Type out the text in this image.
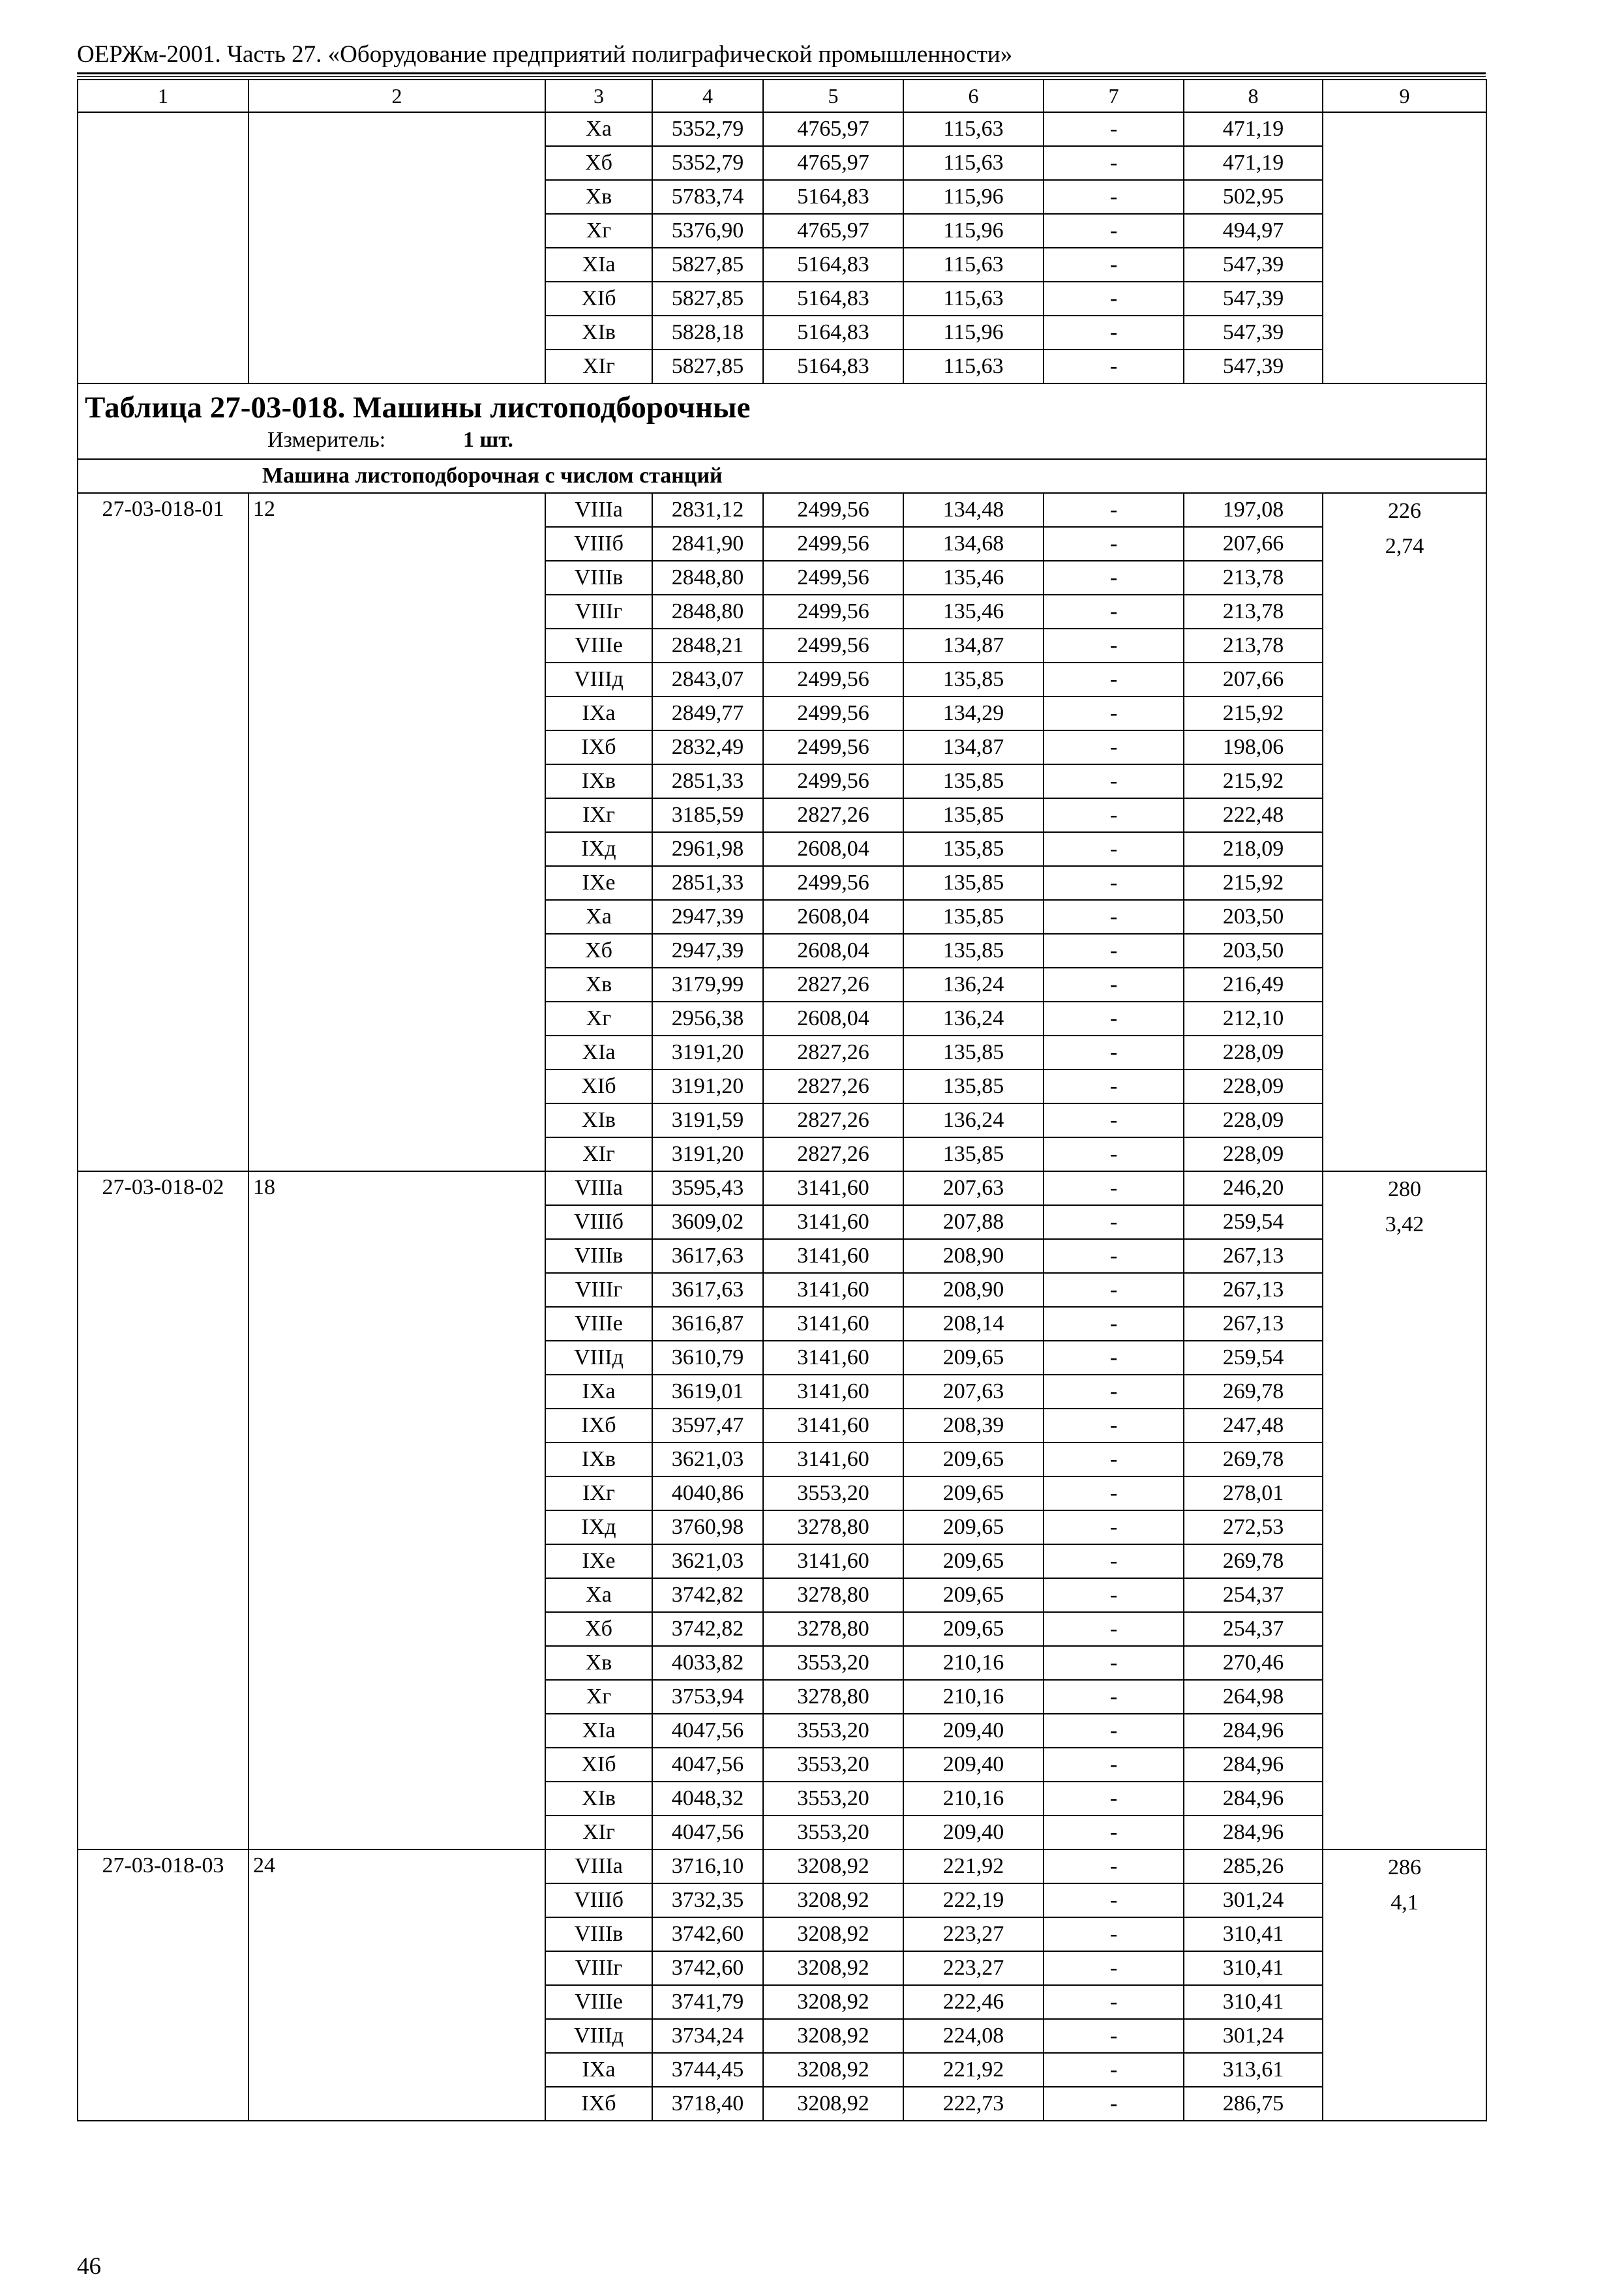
ОЕРЖм-2001. Часть 27. «Оборудование предприятий полиграфической промышленности»
1	2	3	4	5	6	7	8	9
		Xa	5352,79	4765,97	115,63	-	471,19	
		Xб	5352,79	4765,97	115,63	-	471,19	
		Xв	5783,74	5164,83	115,96	-	502,95	
		Xг	5376,90	4765,97	115,96	-	494,97	
		XIa	5827,85	5164,83	115,63	-	547,39	
		XIб	5827,85	5164,83	115,63	-	547,39	
		XIв	5828,18	5164,83	115,96	-	547,39	
		XIг	5827,85	5164,83	115,63	-	547,39	

Таблица 27-03-018. Машины листоподборочные
Измеритель: 1 шт.								

Машина листоподборочная с числом станций								
27-03-018-01	12	VIIIa	2831,12	2499,56	134,48	-	197,08	226
2,74

		VIIIб	2841,90	2499,56	134,68	-	207,66	
		VIIIв	2848,80	2499,56	135,46	-	213,78	
		VIIIг	2848,80	2499,56	135,46	-	213,78	
		VIIIe	2848,21	2499,56	134,87	-	213,78	
		VIIIд	2843,07	2499,56	135,85	-	207,66	
		IXa	2849,77	2499,56	134,29	-	215,92	
		IXб	2832,49	2499,56	134,87	-	198,06	
		IXв	2851,33	2499,56	135,85	-	215,92	
		IXг	3185,59	2827,26	135,85	-	222,48	
		IXд	2961,98	2608,04	135,85	-	218,09	
		IXe	2851,33	2499,56	135,85	-	215,92	
		Xa	2947,39	2608,04	135,85	-	203,50	
		Xб	2947,39	2608,04	135,85	-	203,50	
		Xв	3179,99	2827,26	136,24	-	216,49	
		Xг	2956,38	2608,04	136,24	-	212,10	
		XIa	3191,20	2827,26	135,85	-	228,09	
		XIб	3191,20	2827,26	135,85	-	228,09	
		XIв	3191,59	2827,26	136,24	-	228,09	
		XIг	3191,20	2827,26	135,85	-	228,09	
27-03-018-02	18	VIIIa	3595,43	3141,60	207,63	-	246,20	280
3,42

		VIIIб	3609,02	3141,60	207,88	-	259,54	
		VIIIв	3617,63	3141,60	208,90	-	267,13	
		VIIIг	3617,63	3141,60	208,90	-	267,13	
		VIIIe	3616,87	3141,60	208,14	-	267,13	
		VIIIд	3610,79	3141,60	209,65	-	259,54	
		IXa	3619,01	3141,60	207,63	-	269,78	
		IXб	3597,47	3141,60	208,39	-	247,48	
		IXв	3621,03	3141,60	209,65	-	269,78	
		IXг	4040,86	3553,20	209,65	-	278,01	
		IXд	3760,98	3278,80	209,65	-	272,53	
		IXe	3621,03	3141,60	209,65	-	269,78	
		Xa	3742,82	3278,80	209,65	-	254,37	
		Xб	3742,82	3278,80	209,65	-	254,37	
		Xв	4033,82	3553,20	210,16	-	270,46	
		Xг	3753,94	3278,80	210,16	-	264,98	
		XIa	4047,56	3553,20	209,40	-	284,96	
		XIб	4047,56	3553,20	209,40	-	284,96	
		XIв	4048,32	3553,20	210,16	-	284,96	
		XIг	4047,56	3553,20	209,40	-	284,96	
27-03-018-03	24	VIIIa	3716,10	3208,92	221,92	-	285,26	286
4,1

		VIIIб	3732,35	3208,92	222,19	-	301,24	
		VIIIв	3742,60	3208,92	223,27	-	310,41	
		VIIIг	3742,60	3208,92	223,27	-	310,41	
		VIIIe	3741,79	3208,92	222,46	-	310,41	
		VIIIд	3734,24	3208,92	224,08	-	301,24	
		IXa	3744,45	3208,92	221,92	-	313,61	
		IXб	3718,40	3208,92	222,73	-	286,75	
46
